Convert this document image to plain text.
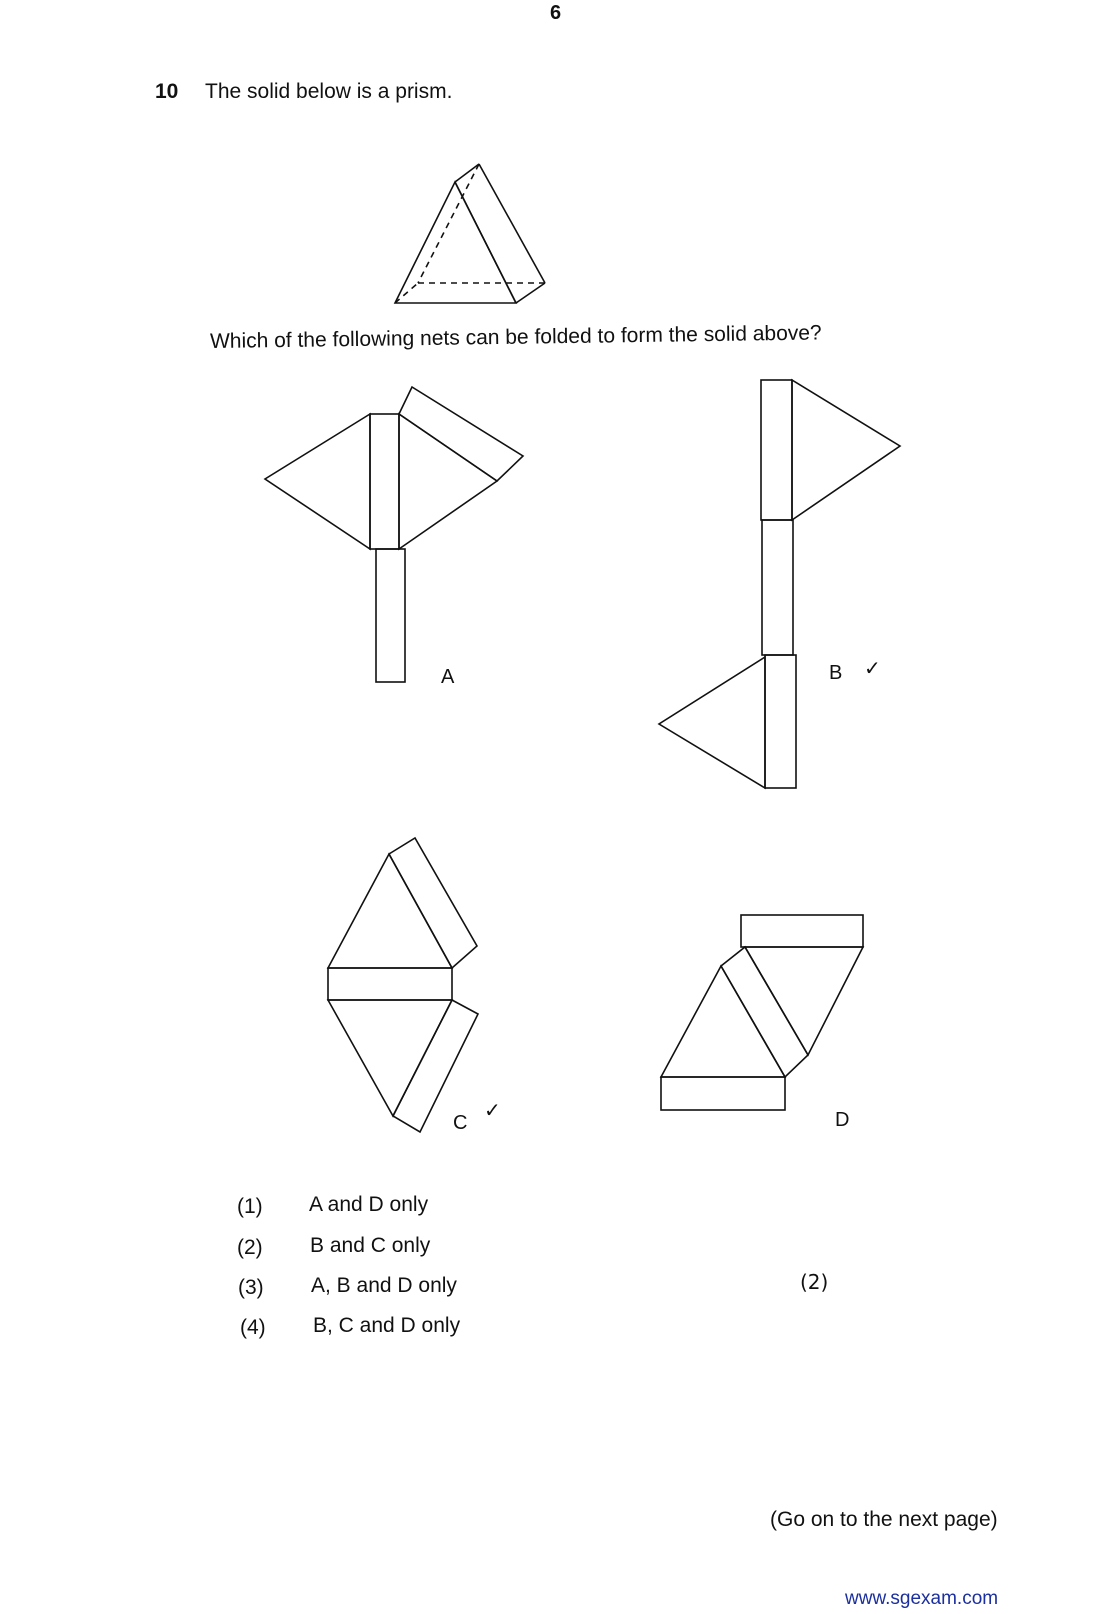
6
10 The solid below is a prism.
Which of the following nets can be folded to form the solid above?
A	B ✓
C
✓	D
(1) A and D only
(2) B and C only
(3) A, B and D only
(4) B, C and D only
(2)
(Go on to the next page)
www.sgexam.com
